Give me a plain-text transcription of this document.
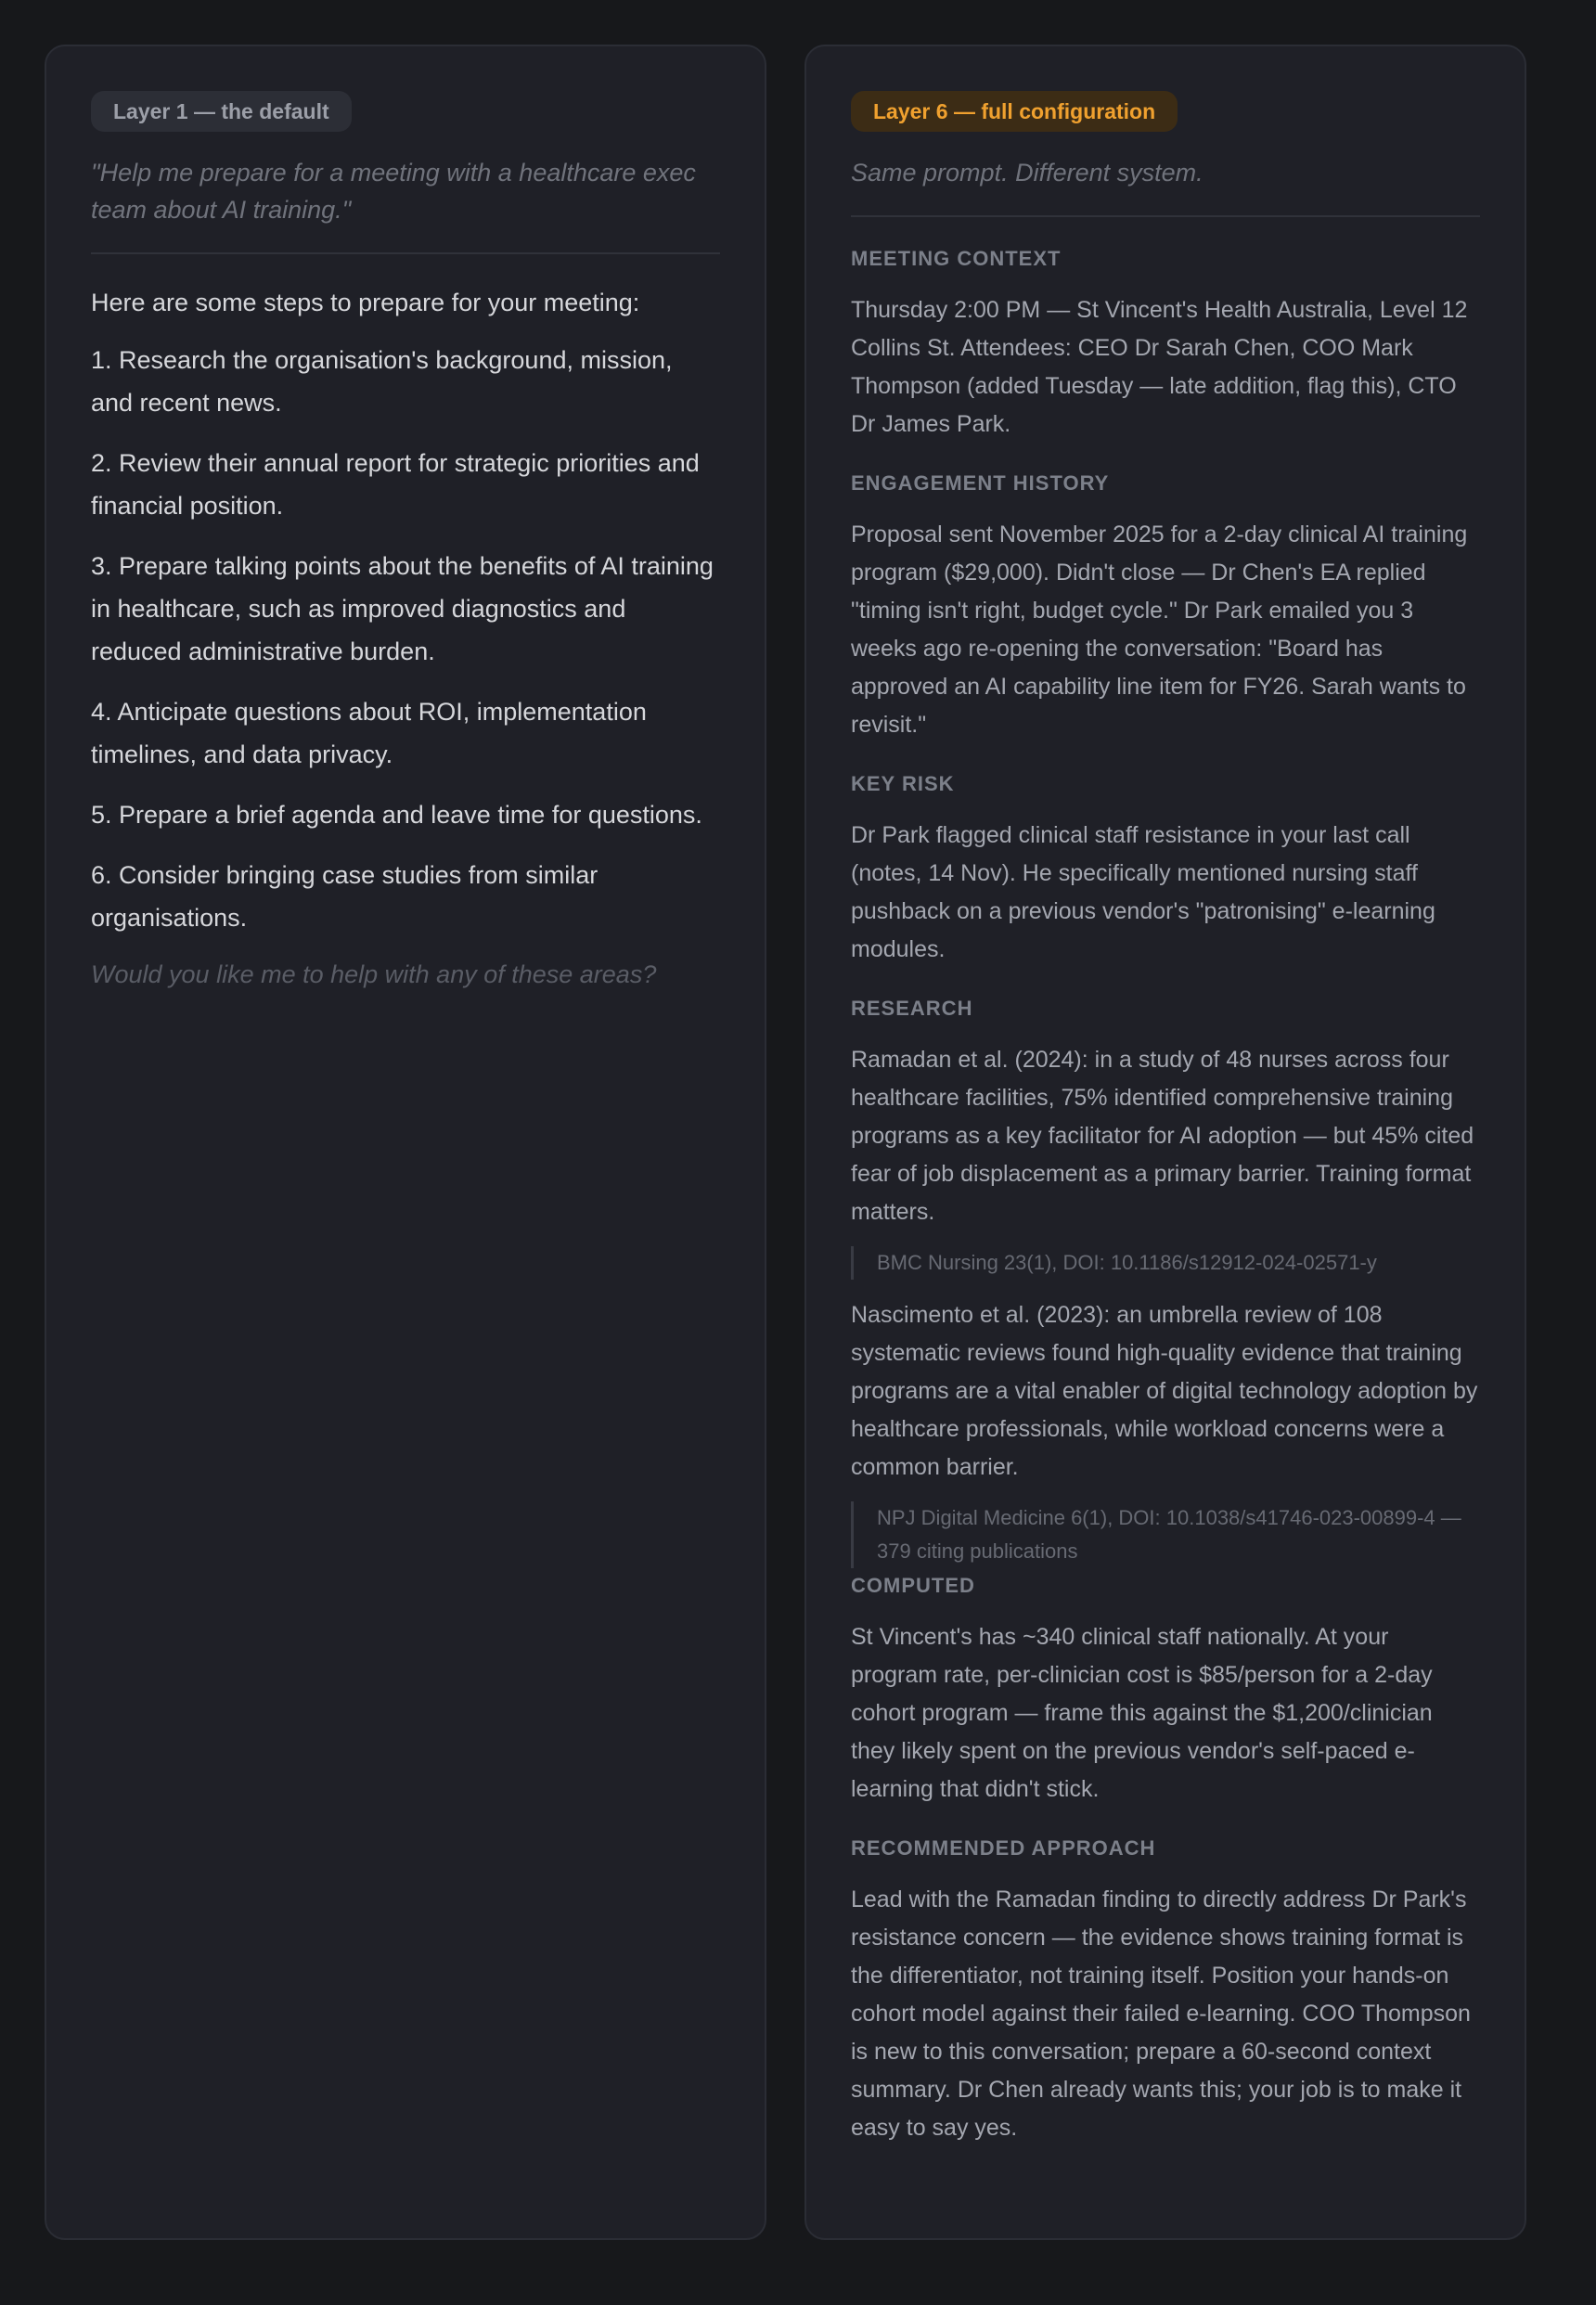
Layer 1 — the default
"Help me prepare for a meeting with a healthcare exec team about AI training."
Here are some steps to prepare for your meeting:
1. Research the organisation's background, mission, and recent news.
2. Review their annual report for strategic priorities and financial position.
3. Prepare talking points about the benefits of AI training in healthcare, such as improved diagnostics and reduced administrative burden.
4. Anticipate questions about ROI, implementation timelines, and data privacy.
5. Prepare a brief agenda and leave time for questions.
6. Consider bringing case studies from similar organisations.
Would you like me to help with any of these areas?
Layer 6 — full configuration
Same prompt. Different system.
MEETING CONTEXT
Thursday 2:00 PM — St Vincent's Health Australia, Level 12 Collins St. Attendees: CEO Dr Sarah Chen, COO Mark Thompson (added Tuesday — late addition, flag this), CTO Dr James Park.
ENGAGEMENT HISTORY
Proposal sent November 2025 for a 2-day clinical AI training program ($29,000). Didn't close — Dr Chen's EA replied "timing isn't right, budget cycle." Dr Park emailed you 3 weeks ago re-opening the conversation: "Board has approved an AI capability line item for FY26. Sarah wants to revisit."
KEY RISK
Dr Park flagged clinical staff resistance in your last call (notes, 14 Nov). He specifically mentioned nursing staff pushback on a previous vendor's "patronising" e-learning modules.
RESEARCH
Ramadan et al. (2024): in a study of 48 nurses across four healthcare facilities, 75% identified comprehensive training programs as a key facilitator for AI adoption — but 45% cited fear of job displacement as a primary barrier. Training format matters.
BMC Nursing 23(1), DOI: 10.1186/s12912-024-02571-y
Nascimento et al. (2023): an umbrella review of 108 systematic reviews found high-quality evidence that training programs are a vital enabler of digital technology adoption by healthcare professionals, while workload concerns were a common barrier.
NPJ Digital Medicine 6(1), DOI: 10.1038/s41746-023-00899-4 — 379 citing publications
COMPUTED
St Vincent's has ~340 clinical staff nationally. At your program rate, per-clinician cost is $85/person for a 2-day cohort program — frame this against the $1,200/clinician they likely spent on the previous vendor's self-paced e-learning that didn't stick.
RECOMMENDED APPROACH
Lead with the Ramadan finding to directly address Dr Park's resistance concern — the evidence shows training format is the differentiator, not training itself. Position your hands-on cohort model against their failed e-learning. COO Thompson is new to this conversation; prepare a 60-second context summary. Dr Chen already wants this; your job is to make it easy to say yes.
